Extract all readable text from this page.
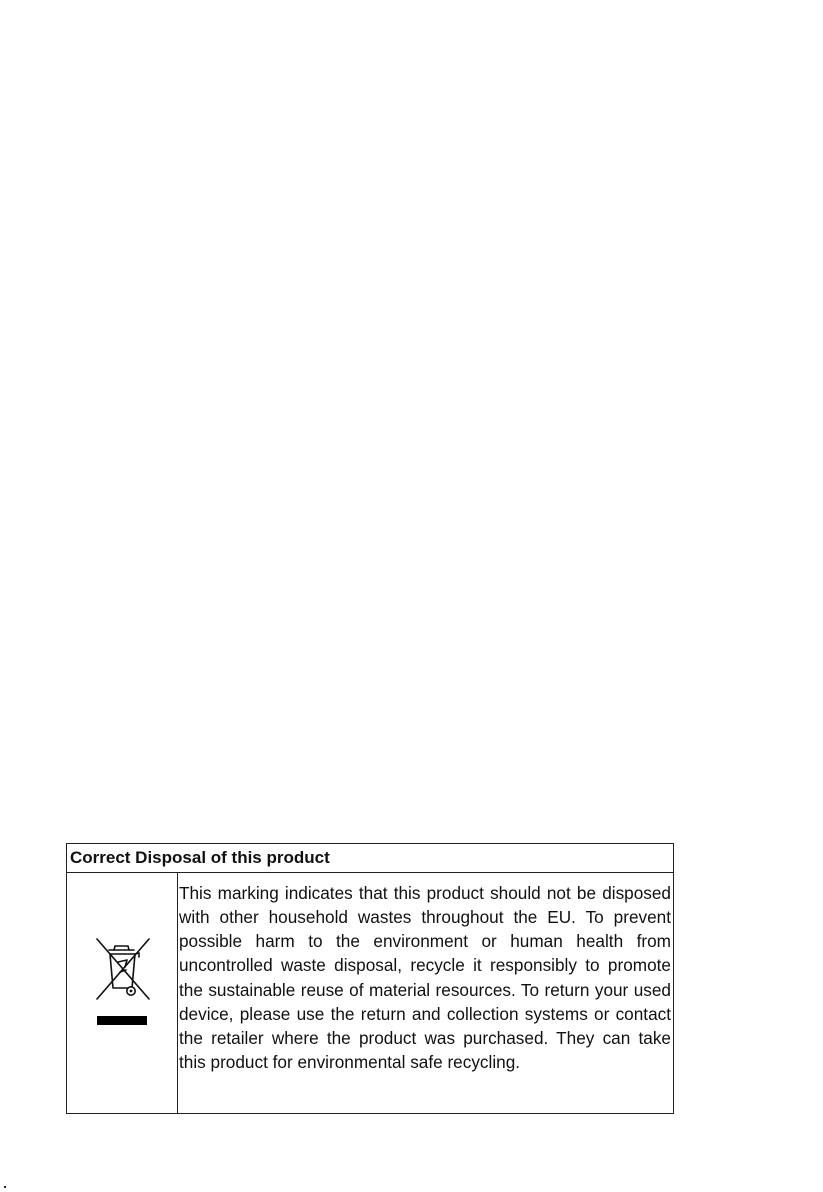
Correct Disposal of this product
This marking indicates that this product should not be disposed with other household wastes throughout the EU. To prevent possible harm to the environment or human health from uncontrolled waste disposal, recycle it responsibly to promote the sustainable reuse of material resources. To return your used device, please use the return and collection systems or contact the retailer where the product was purchased. They can take this product for environmental safe recycling.
